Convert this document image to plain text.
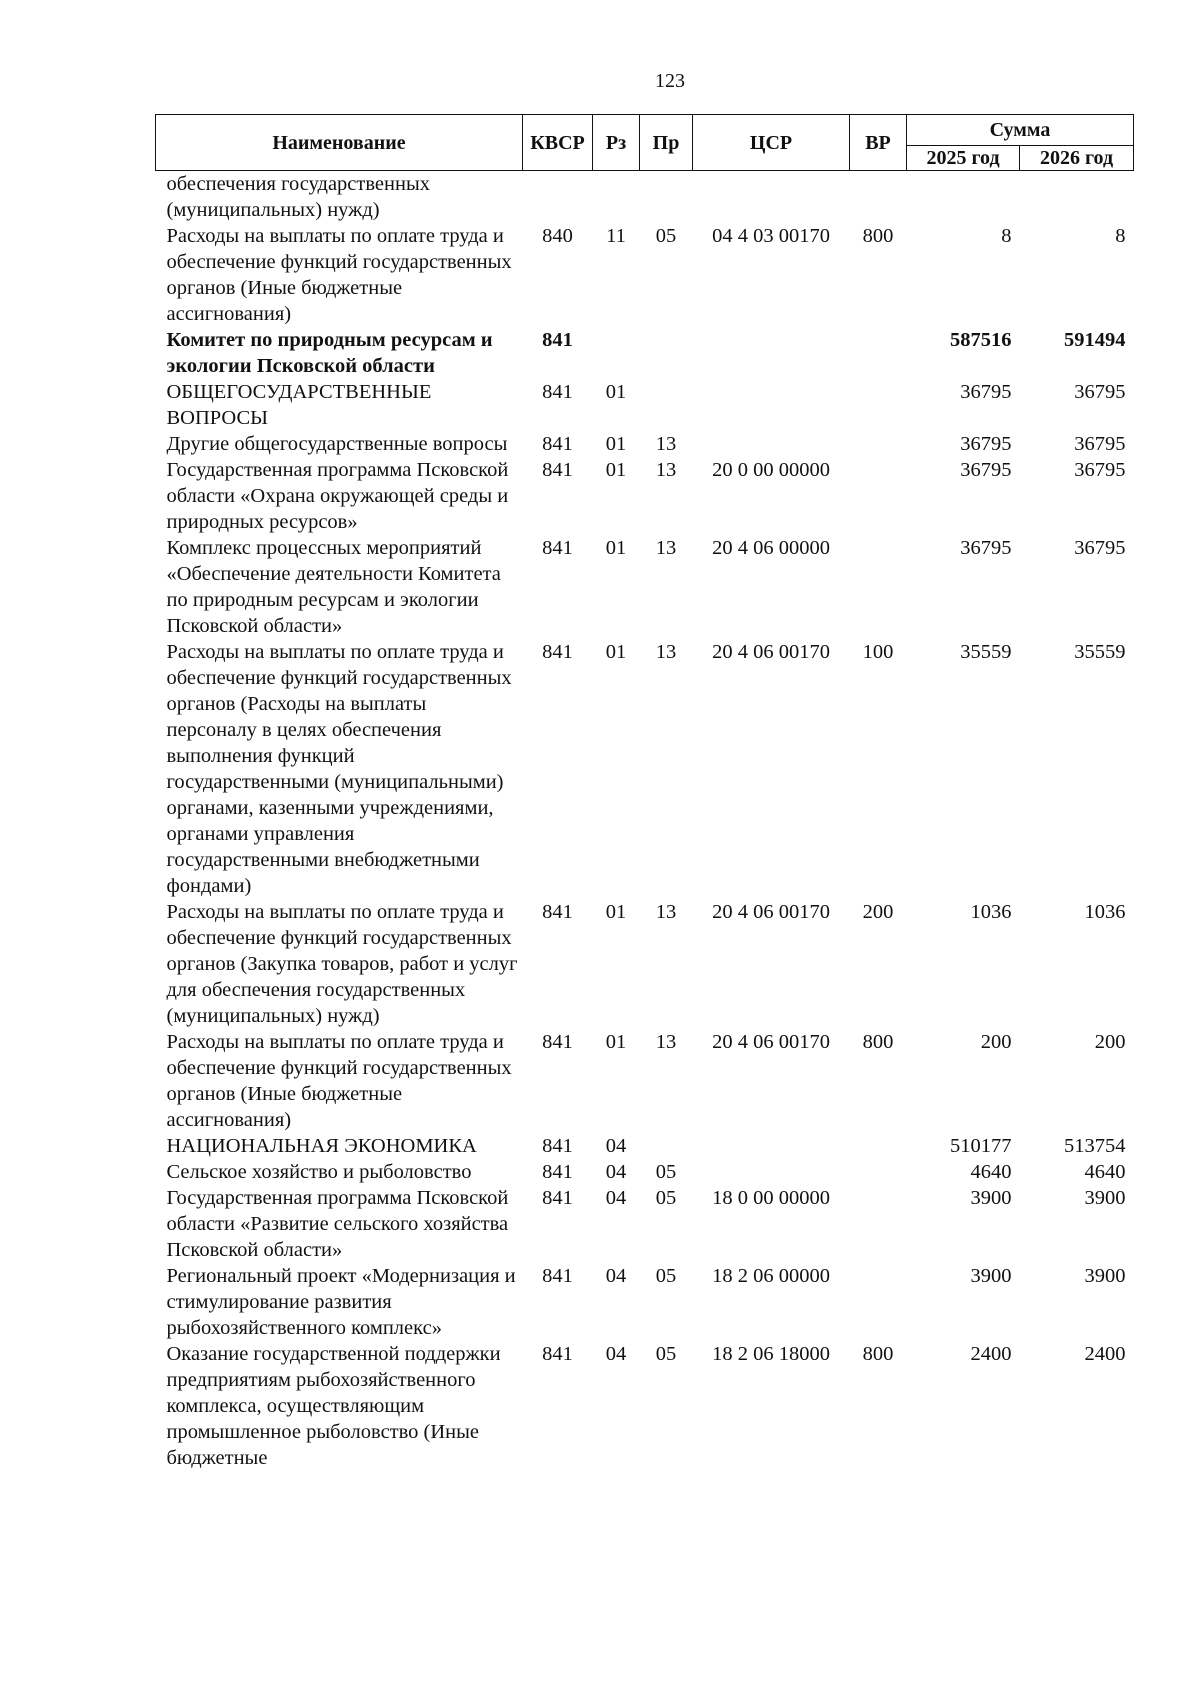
123
Наименование	КВСР	Рз	Пр	ЦСР	ВР	Сумма	
						2025 год	2026 год
обеспечения государственных (муниципальных) нужд)							
Расходы на выплаты по оплате труда и обеспечение функций государственных органов (Иные бюджетные ассигнования)	840	11	05	04 4 03 00170	800	8	8
Комитет по природным ресурсам и экологии Псковской области	841					587516	591494
ОБЩЕГОСУДАРСТВЕННЫЕ ВОПРОСЫ	841	01				36795	36795
Другие общегосударственные вопросы	841	01	13			36795	36795
Государственная программа Псковской области «Охрана окружающей среды и природных ресурсов»	841	01	13	20 0 00 00000		36795	36795
Комплекс процессных мероприятий «Обеспечение деятельности Комитета по природным ресурсам и экологии Псковской области»	841	01	13	20 4 06 00000		36795	36795
Расходы на выплаты по оплате труда и обеспечение функций государственных органов (Расходы на выплаты персоналу в целях обеспечения выполнения функций государственными (муниципальными) органами, казенными учреждениями, органами управления государственными внебюджетными фондами)	841	01	13	20 4 06 00170	100	35559	35559
Расходы на выплаты по оплате труда и обеспечение функций государственных органов (Закупка товаров, работ и услуг для обеспечения государственных (муниципальных) нужд)	841	01	13	20 4 06 00170	200	1036	1036
Расходы на выплаты по оплате труда и обеспечение функций государственных органов (Иные бюджетные ассигнования)	841	01	13	20 4 06 00170	800	200	200
НАЦИОНАЛЬНАЯ ЭКОНОМИКА	841	04				510177	513754
Сельское хозяйство и рыболовство	841	04	05			4640	4640
Государственная программа Псковской области «Развитие сельского хозяйства Псковской области»	841	04	05	18 0 00 00000		3900	3900
Региональный проект «Модернизация и стимулирование развития рыбохозяйственного комплекс»	841	04	05	18 2 06 00000		3900	3900
Оказание государственной поддержки предприятиям рыбохозяйственного комплекса, осуществляющим промышленное рыболовство (Иные бюджетные	841	04	05	18 2 06 18000	800	2400	2400
